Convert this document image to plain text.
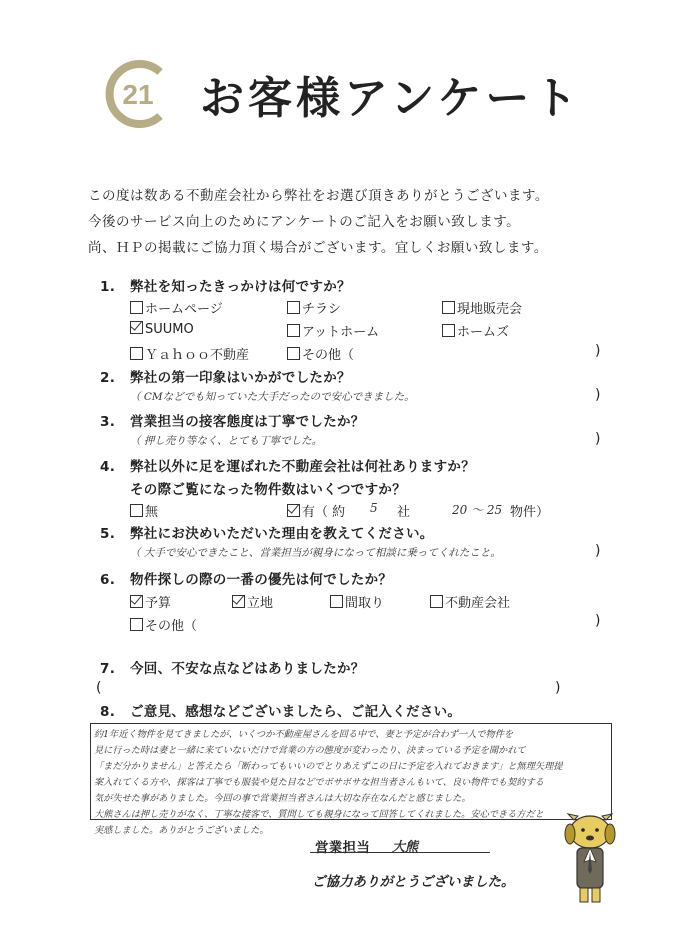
21 お客様アンケート
この度は数ある不動産会社から弊社をお選び頂きありがとうございます。
今後のサービス向上のためにアンケートのご記入をお願い致します。
尚、ＨＰの掲載にご協力頂く場合がございます。宜しくお願い致します。
1. 弊社を知ったきっかけは何ですか？
ホームページ	チラシ	現地販売会
SUUMO	アットホーム	ホームズ
Ｙａｈｏｏ不動産	その他（	)
2. 弊社の第一印象はいかがでしたか？
（ CMなどでも知っていた大手だったので安心できました。	)
3. 営業担当の接客態度は丁寧でしたか？
（ 押し売り等なく、とても丁寧でした。	)
4. 弊社以外に足を運ばれた不動産会社は何社ありますか？
その際ご覧になった物件数はいくつですか？
無	有（ 約 5 社	20 〜 25 物件）
5. 弊社にお決めいただいた理由を教えてください。
（ 大手で安心できたこと、営業担当が親身になって相談に乗ってくれたこと。	)
6. 物件探しの際の一番の優先は何でしたか？
予算	立地	間取り	不動産会社
その他（	)
7. 今回、不安な点などはありましたか？
(	)
8. ご意見、感想などございましたら、ご記入ください。
約1年近く物件を見てきましたが、いくつか不動産屋さんを回る中で、妻と予定が合わず一人で物件を
見に行った時は妻と一緒に来ていないだけで営業の方の態度が変わったり、決まっている予定を聞かれて
「まだ分かりません」と答えたら「断わってもいいのでとりあえずこの日に予定を入れておきます」と無理矢理提
案入れてくる方や、探客は丁寧でも服装や見た目などでボサボサな担当者さんもいて、良い物件でも契約する
気が失せた事がありました。今回の事で営業担当者さんは大切な存在なんだと感じました。
大熊さんは押し売りがなく、丁寧な接客で、質問しても親身になって回答してくれました。安心できる方だと
実感しました。ありがとうございました。
営業担当 大熊
ご協力ありがとうございました。
